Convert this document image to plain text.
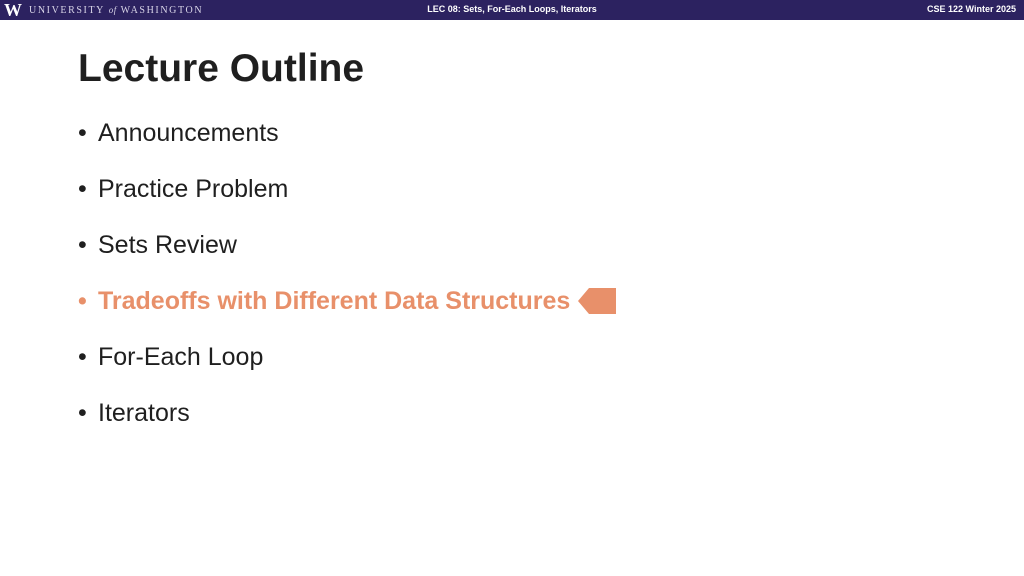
W UNIVERSITY of WASHINGTON	LEC 08: Sets, For-Each Loops, Iterators	CSE 122 Winter 2025
Lecture Outline
• Announcements
• Practice Problem
• Sets Review
• Tradeoffs with Different Data Structures
• For-Each Loop
• Iterators
